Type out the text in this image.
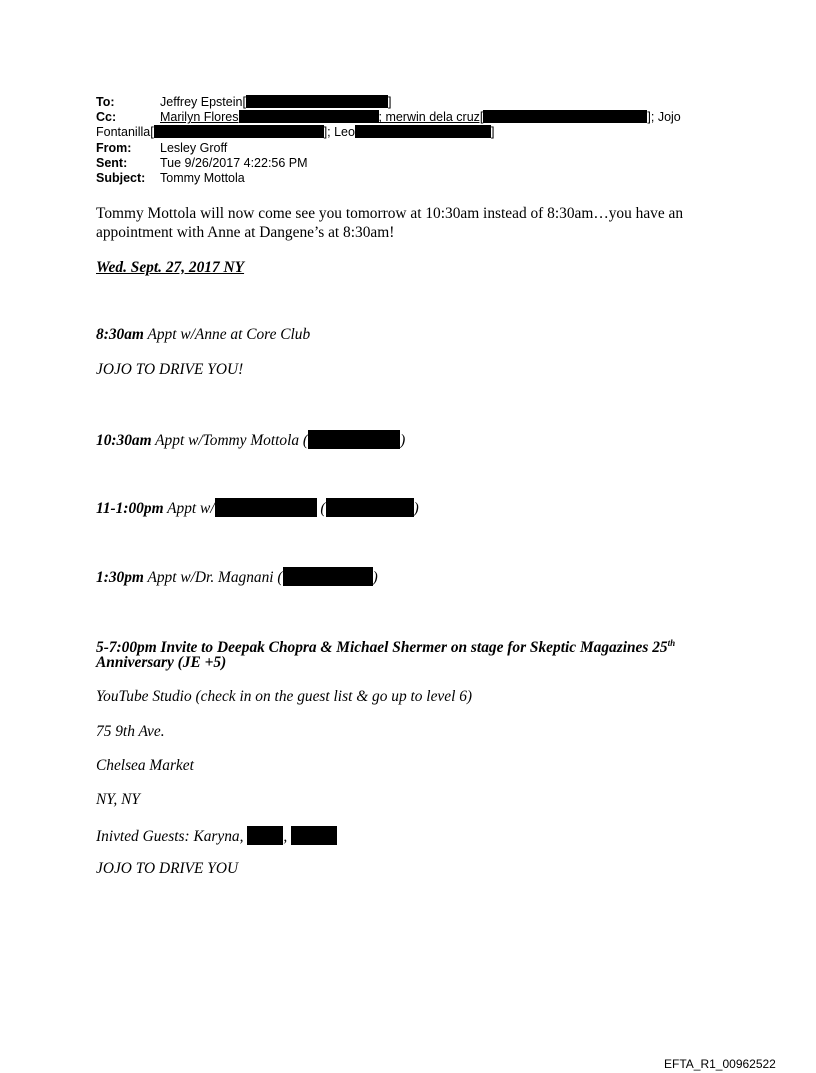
To:	Jeffrey Epstein[	]
Cc:	Marilyn Flores	; merwin dela cruz[	]; Jojo
Fontanilla[	]; Leo	]
From: Lesley Groff
Sent:	Tue 9/26/2017 4:22:56 PM
Subject: Tommy Mottola
Tommy Mottola will now come see you tomorrow at 10:30am instead of 8:30am…you have an appointment with Anne at Dangene’s at 8:30am!
Wed. Sept. 27, 2017 NY
8:30am Appt w/Anne at Core Club
JOJO TO DRIVE YOU!
10:30am Appt w/Tommy Mottola (	)
11-1:00pm Appt w/	(	)
1:30pm Appt w/Dr. Magnani (	)
5-7:00pm Invite to Deepak Chopra & Michael Shermer on stage for Skeptic Magazines 25th
Anniversary (JE +5)
YouTube Studio (check in on the guest list & go up to level 6)
75 9th Ave.
Chelsea Market
NY, NY
Inivted Guests: Karyna, ,
JOJO TO DRIVE YOU
EFTA_R1_00962522
